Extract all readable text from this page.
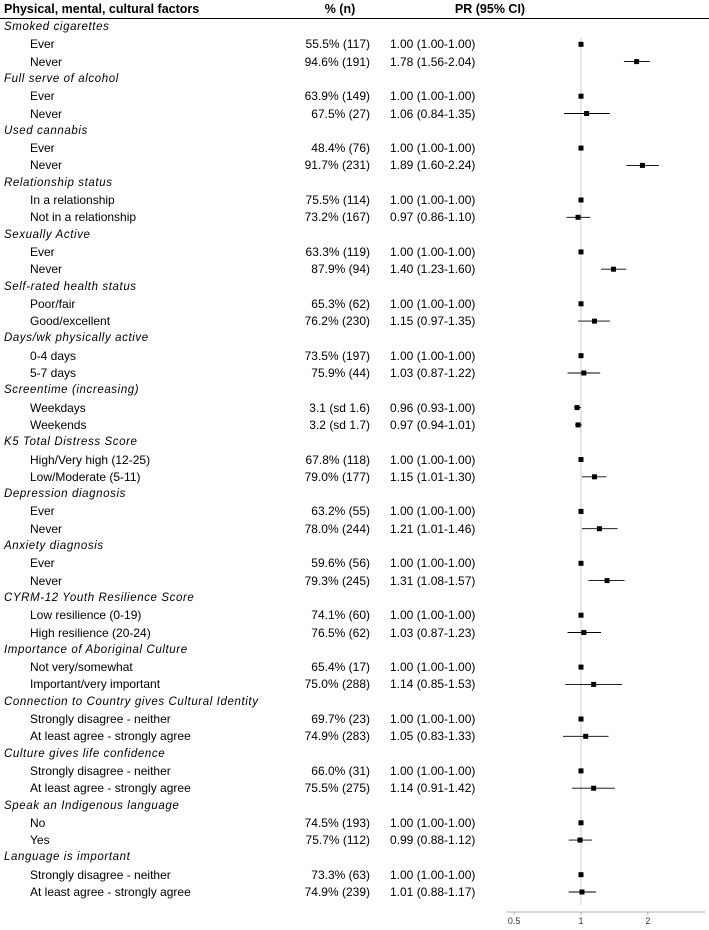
Physical, mental, cultural factors	% (n)	PR (95% CI)
Smoked cigarettes
Ever	55.5% (117) 1.00 (1.00-1.00)
Never	94.6% (191) 1.78 (1.56-2.04)
Full serve of alcohol
Ever	63.9% (149) 1.00 (1.00-1.00)
Never	67.5% (27) 1.06 (0.84-1.35)
Used cannabis
Ever	48.4% (76) 1.00 (1.00-1.00)
Never	91.7% (231) 1.89 (1.60-2.24)
Relationship status
In a relationship	75.5% (114) 1.00 (1.00-1.00)
Not in a relationship	73.2% (167) 0.97 (0.86-1.10)
Sexually Active
Ever	63.3% (119) 1.00 (1.00-1.00)
Never	87.9% (94) 1.40 (1.23-1.60)
Self-rated health status
Poor/fair	65.3% (62) 1.00 (1.00-1.00)
Good/excellent	76.2% (230) 1.15 (0.97-1.35)
Days/wk physically active
0-4 days	73.5% (197) 1.00 (1.00-1.00)
5-7 days	75.9% (44) 1.03 (0.87-1.22)
Screentime (increasing)
Weekdays	3.1 (sd 1.6) 0.96 (0.93-1.00)
Weekends	3.2 (sd 1.7) 0.97 (0.94-1.01)
K5 Total Distress Score
High/Very high (12-25)	67.8% (118) 1.00 (1.00-1.00)
Low/Moderate (5-11)	79.0% (177) 1.15 (1.01-1.30)
Depression diagnosis
Ever	63.2% (55) 1.00 (1.00-1.00)
Never	78.0% (244) 1.21 (1.01-1.46)
Anxiety diagnosis
Ever	59.6% (56) 1.00 (1.00-1.00)
Never	79.3% (245) 1.31 (1.08-1.57)
CYRM-12 Youth Resilience Score
Low resilience (0-19)	74.1% (60) 1.00 (1.00-1.00)
High resilience (20-24)	76.5% (62) 1.03 (0.87-1.23)
Importance of Aboriginal Culture
Not very/somewhat	65.4% (17) 1.00 (1.00-1.00)
Important/very important	75.0% (288) 1.14 (0.85-1.53)
Connection to Country gives Cultural Identity
Strongly disagree - neither	69.7% (23) 1.00 (1.00-1.00)
At least agree - strongly agree	74.9% (283) 1.05 (0.83-1.33)
Culture gives life confidence
Strongly disagree - neither	66.0% (31) 1.00 (1.00-1.00)
At least agree - strongly agree	75.5% (275) 1.14 (0.91-1.42)
Speak an Indigenous language
No	74.5% (193) 1.00 (1.00-1.00)
Yes	75.7% (112) 0.99 (0.88-1.12)
Language is important
Strongly disagree - neither	73.3% (63) 1.00 (1.00-1.00)
At least agree - strongly agree	74.9% (239) 1.01 (0.88-1.17)
0.5	1	2
